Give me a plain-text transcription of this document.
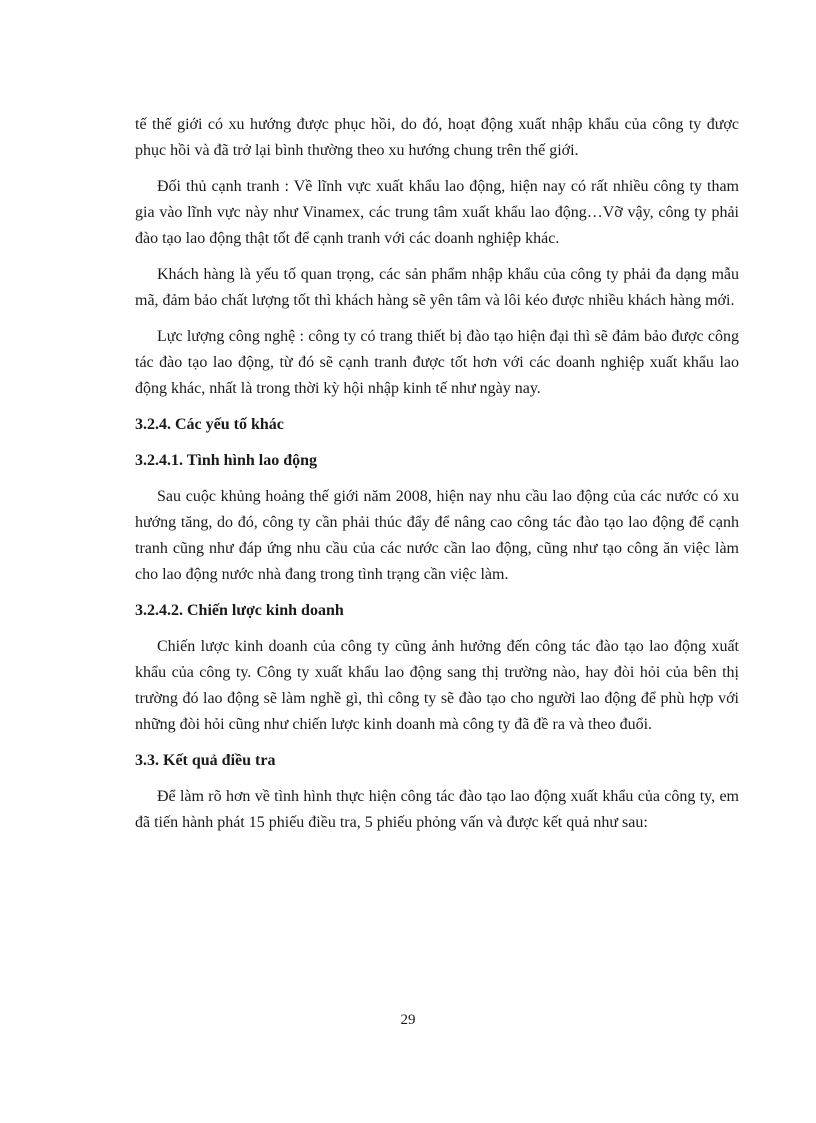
tế thế giới có xu hướng được phục hồi, do đó, hoạt động xuất nhập khẩu của công ty được phục hồi và đã trở lại bình thường theo xu hướng chung trên thế giới.

Đối thủ cạnh tranh : Về lĩnh vực xuất khẩu lao động, hiện nay có rất nhiều công ty tham gia vào lĩnh vực này như Vinamex, các trung tâm xuất khẩu lao động…Vỡ vậy, công ty phải đào tạo lao động thật tốt để cạnh tranh với các doanh nghiệp khác.

Khách hàng là yếu tố quan trọng, các sản phẩm nhập khẩu của công ty phải đa dạng mẫu mã, đảm bảo chất lượng tốt thì khách hàng sẽ yên tâm và lôi kéo được nhiều khách hàng mới.

Lực lượng công nghệ : công ty có trang thiết bị đào tạo hiện đại thì sẽ đảm bảo được công tác đào tạo lao động, từ đó sẽ cạnh tranh được tốt hơn với các doanh nghiệp xuất khẩu lao động khác, nhất là trong thời kỳ hội nhập kinh tế như ngày nay.

3.2.4. Các yếu tố khác

3.2.4.1. Tình hình lao động

Sau cuộc khủng hoảng thế giới năm 2008, hiện nay nhu cầu lao động của các nước có xu hướng tăng, do đó, công ty cần phải thúc đẩy để nâng cao công tác đào tạo lao động để cạnh tranh cũng như đáp ứng nhu cầu của các nước cần lao động, cũng như tạo công ăn việc làm cho lao động nước nhà đang trong tình trạng cần việc làm.

3.2.4.2. Chiến lược kinh doanh

Chiến lược kinh doanh của công ty cũng ảnh hưởng đến công tác đào tạo lao động xuất khẩu của công ty. Công ty xuất khẩu lao động sang thị trường nào, hay đòi hỏi của bên thị trường đó lao động sẽ làm nghề gì, thì công ty sẽ đào tạo cho người lao động để phù hợp với những đòi hỏi cũng như chiến lược kinh doanh mà công ty đã đề ra và theo đuổi.

3.3. Kết quả điều tra

Để làm rõ hơn về tình hình thực hiện công tác đào tạo lao động xuất khẩu của công ty, em đã tiến hành phát 15 phiếu điều tra, 5 phiếu phỏng vấn và được kết quả như sau:

29
